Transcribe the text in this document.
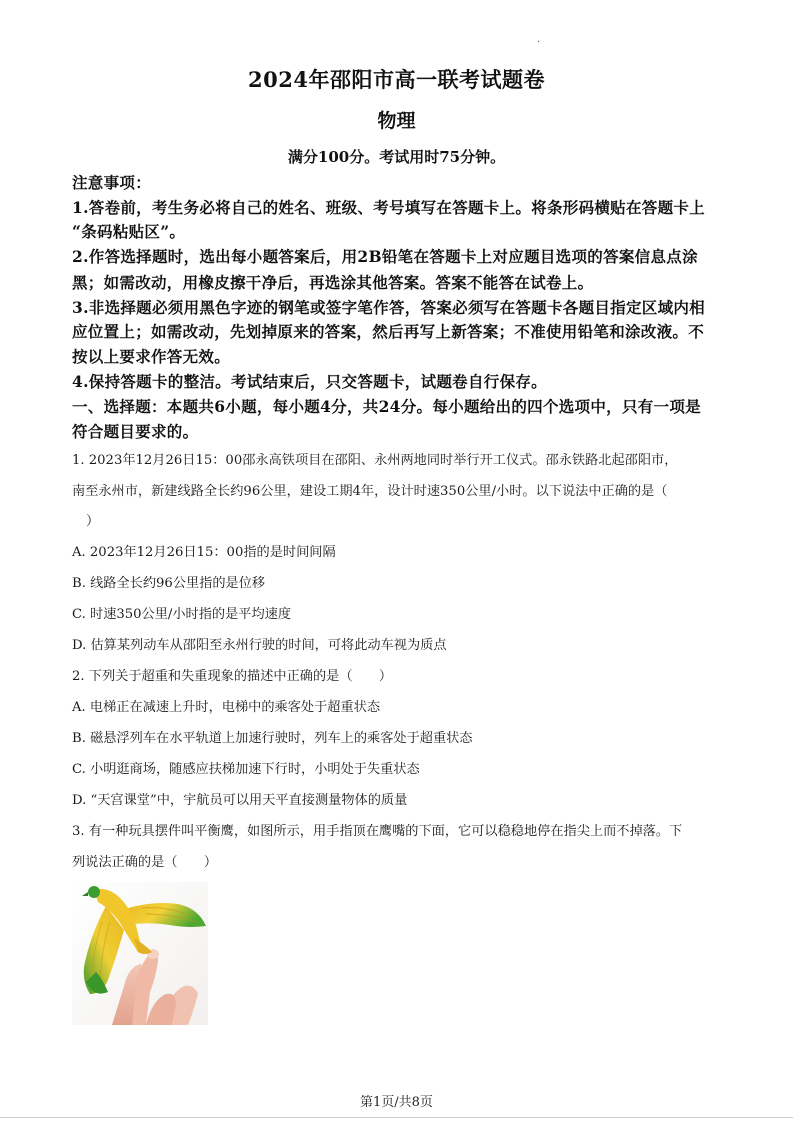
.
2024年邵阳市高一联考试题卷
物理
满分100分。考试用时75分钟。
注意事项：
1.答卷前，考生务必将自己的姓名、班级、考号填写在答题卡上。将条形码横贴在答题卡上
“条码粘贴区”。
2.作答选择题时，选出每小题答案后，用2B铅笔在答题卡上对应题目选项的答案信息点涂
黑；如需改动，用橡皮擦干净后，再选涂其他答案。答案不能答在试卷上。
3.非选择题必须用黑色字迹的钢笔或签字笔作答，答案必须写在答题卡各题目指定区域内相
应位置上；如需改动，先划掉原来的答案，然后再写上新答案；不准使用铅笔和涂改液。不
按以上要求作答无效。
4.保持答题卡的整洁。考试结束后，只交答题卡，试题卷自行保存。
一、选择题：本题共6小题，每小题4分，共24分。每小题给出的四个选项中，只有一项是
符合题目要求的。
1. 2023年12月26日15：00邵永高铁项目在邵阳、永州两地同时举行开工仪式。邵永铁路北起邵阳市，
南至永州市，新建线路全长约96公里，建设工期4年，设计时速350公里/小时。以下说法中正确的是（
）
A. 2023年12月26日15：00指的是时间间隔
B. 线路全长约96公里指的是位移
C. 时速350公里/小时指的是平均速度
D. 估算某列动车从邵阳至永州行驶的时间，可将此动车视为质点
2. 下列关于超重和失重现象的描述中正确的是（　　）
A. 电梯正在减速上升时，电梯中的乘客处于超重状态
B. 磁悬浮列车在水平轨道上加速行驶时，列车上的乘客处于超重状态
C. 小明逛商场，随感应扶梯加速下行时，小明处于失重状态
D. “天宫课堂”中，宇航员可以用天平直接测量物体的质量
3. 有一种玩具摆件叫平衡鹰，如图所示，用手指顶在鹰嘴的下面，它可以稳稳地停在指尖上而不掉落。下
列说法正确的是（　　）
第1页/共8页
